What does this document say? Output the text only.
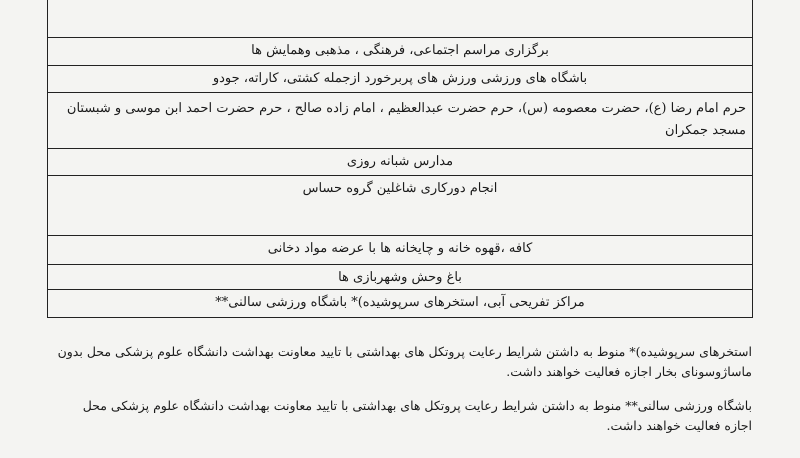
برگزاری مراسم اجتماعی، فرهنگی ، مذهبی وهمایش ها
باشگاه های ورزشی ورزش های پربرخورد ازجمله کشتی، کاراته، جودو
حرم امام رضا (ع)، حضرت معصومه (س)، حرم حضرت عبدالعظیم ، امام زاده صالح ، حرم حضرت احمد ابن موسی و شبستان مسجد جمکران
مدارس شبانه روزی
انجام دورکاری شاغلین گروه حساس
کافه ،قهوه خانه و چایخانه ها با عرضه مواد دخانی
باغ وحش وشهربازی ها
مراکز تفریحی آبی، استخرهای سرپوشیده)* باشگاه ورزشی سالنی**

استخرهای سرپوشیده)* منوط به داشتن شرایط رعایت پروتکل های بهداشتی با تایید معاونت بهداشت دانشگاه علوم پزشکی محل بدون ماساژوسونای بخار اجازه فعالیت خواهند داشت.

باشگاه ورزشی سالنی** منوط به داشتن شرایط رعایت پروتکل های بهداشتی با تایید معاونت بهداشت دانشگاه علوم پزشکی محل اجازه فعالیت خواهند داشت.
